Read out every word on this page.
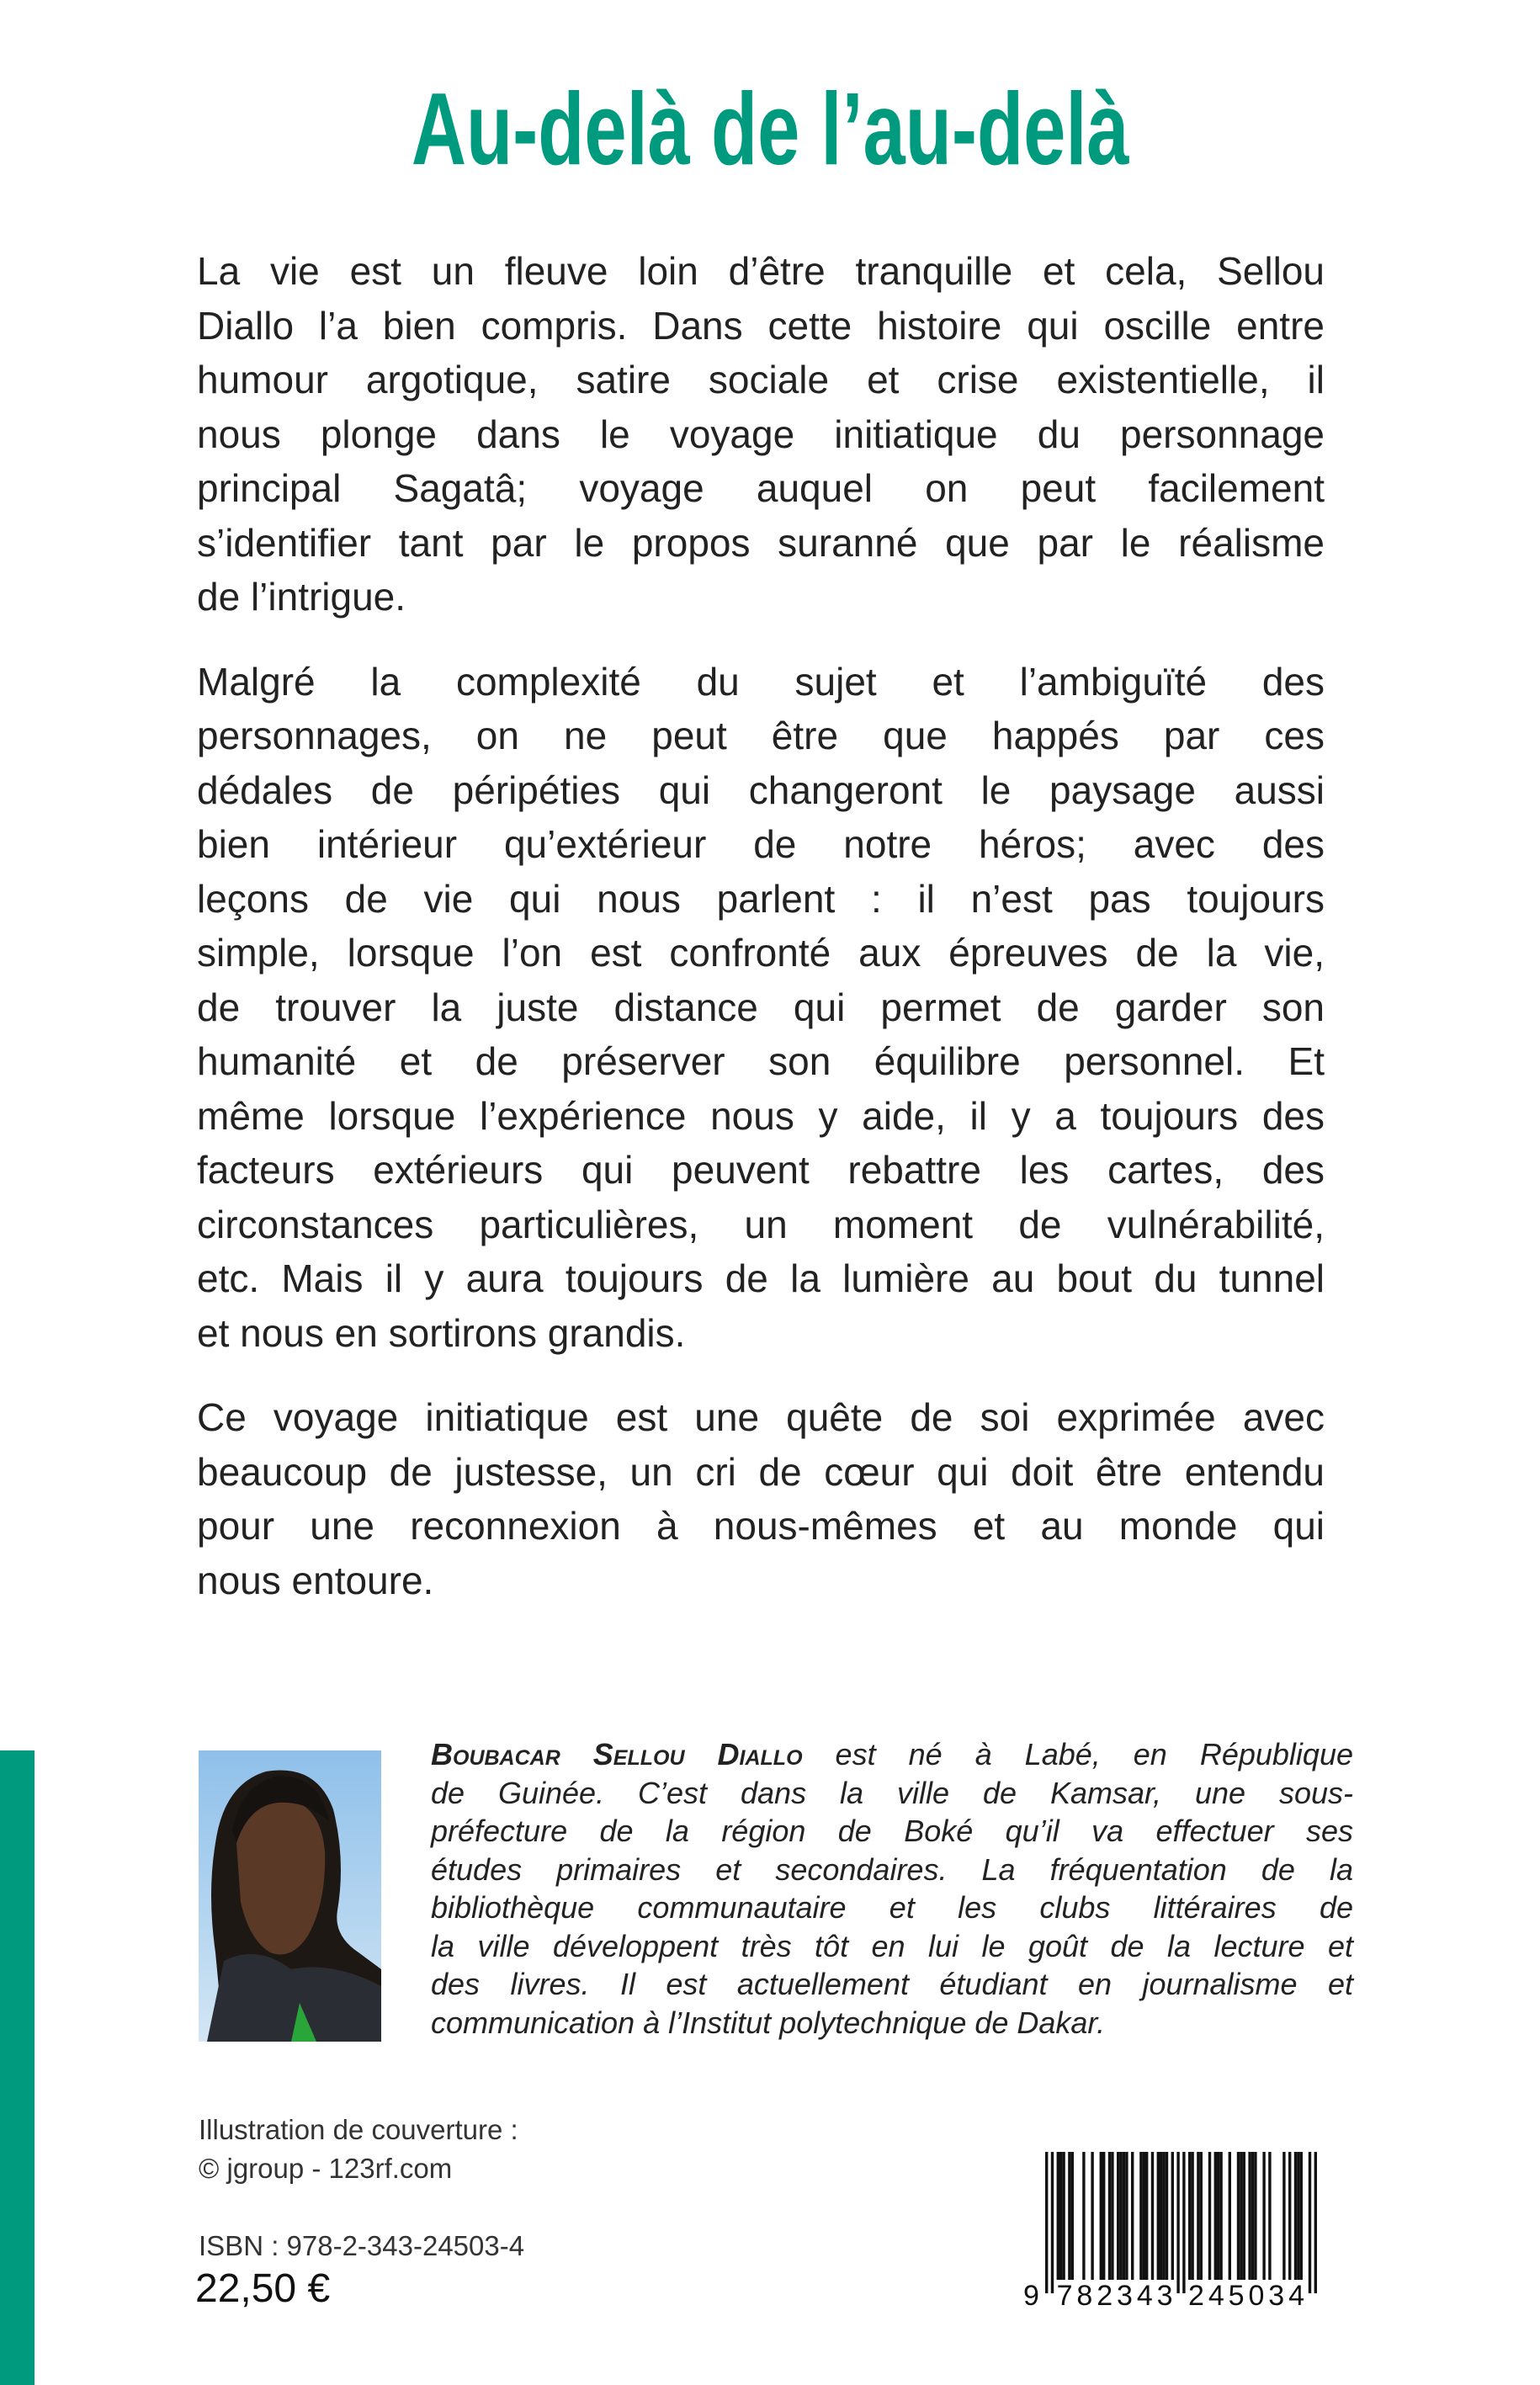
Au-delà de l’au-delà
La vie est un fleuve loin d’être tranquille et cela, Sellou
Diallo l’a bien compris. Dans cette histoire qui oscille entre
humour argotique, satire sociale et crise existentielle, il
nous plonge dans le voyage initiatique du personnage
principal Sagatâ; voyage auquel on peut facilement
s’identifier tant par le propos suranné que par le réalisme
de l’intrigue.
Malgré la complexité du sujet et l’ambiguïté des
personnages, on ne peut être que happés par ces
dédales de péripéties qui changeront le paysage aussi
bien intérieur qu’extérieur de notre héros; avec des
leçons de vie qui nous parlent : il n’est pas toujours
simple, lorsque l’on est confronté aux épreuves de la vie,
de trouver la juste distance qui permet de garder son
humanité et de préserver son équilibre personnel. Et
même lorsque l’expérience nous y aide, il y a toujours des
facteurs extérieurs qui peuvent rebattre les cartes, des
circonstances particulières, un moment de vulnérabilité,
etc. Mais il y aura toujours de la lumière au bout du tunnel
et nous en sortirons grandis.
Ce voyage initiatique est une quête de soi exprimée avec
beaucoup de justesse, un cri de cœur qui doit être entendu
pour une reconnexion à nous-mêmes et au monde qui
nous entoure.
Boubacar Sellou Diallo est né à Labé, en République
de Guinée. C’est dans la ville de Kamsar, une sous-
préfecture de la région de Boké qu’il va effectuer ses
études primaires et secondaires. La fréquentation de la
bibliothèque communautaire et les clubs littéraires de
la ville développent très tôt en lui le goût de la lecture et
des livres. Il est actuellement étudiant en journalisme et
communication à l’Institut polytechnique de Dakar.
Illustration de couverture :
© jgroup - 123rf.com
ISBN : 978-2-343-24503-4
22,50 €	9 782343 245034
